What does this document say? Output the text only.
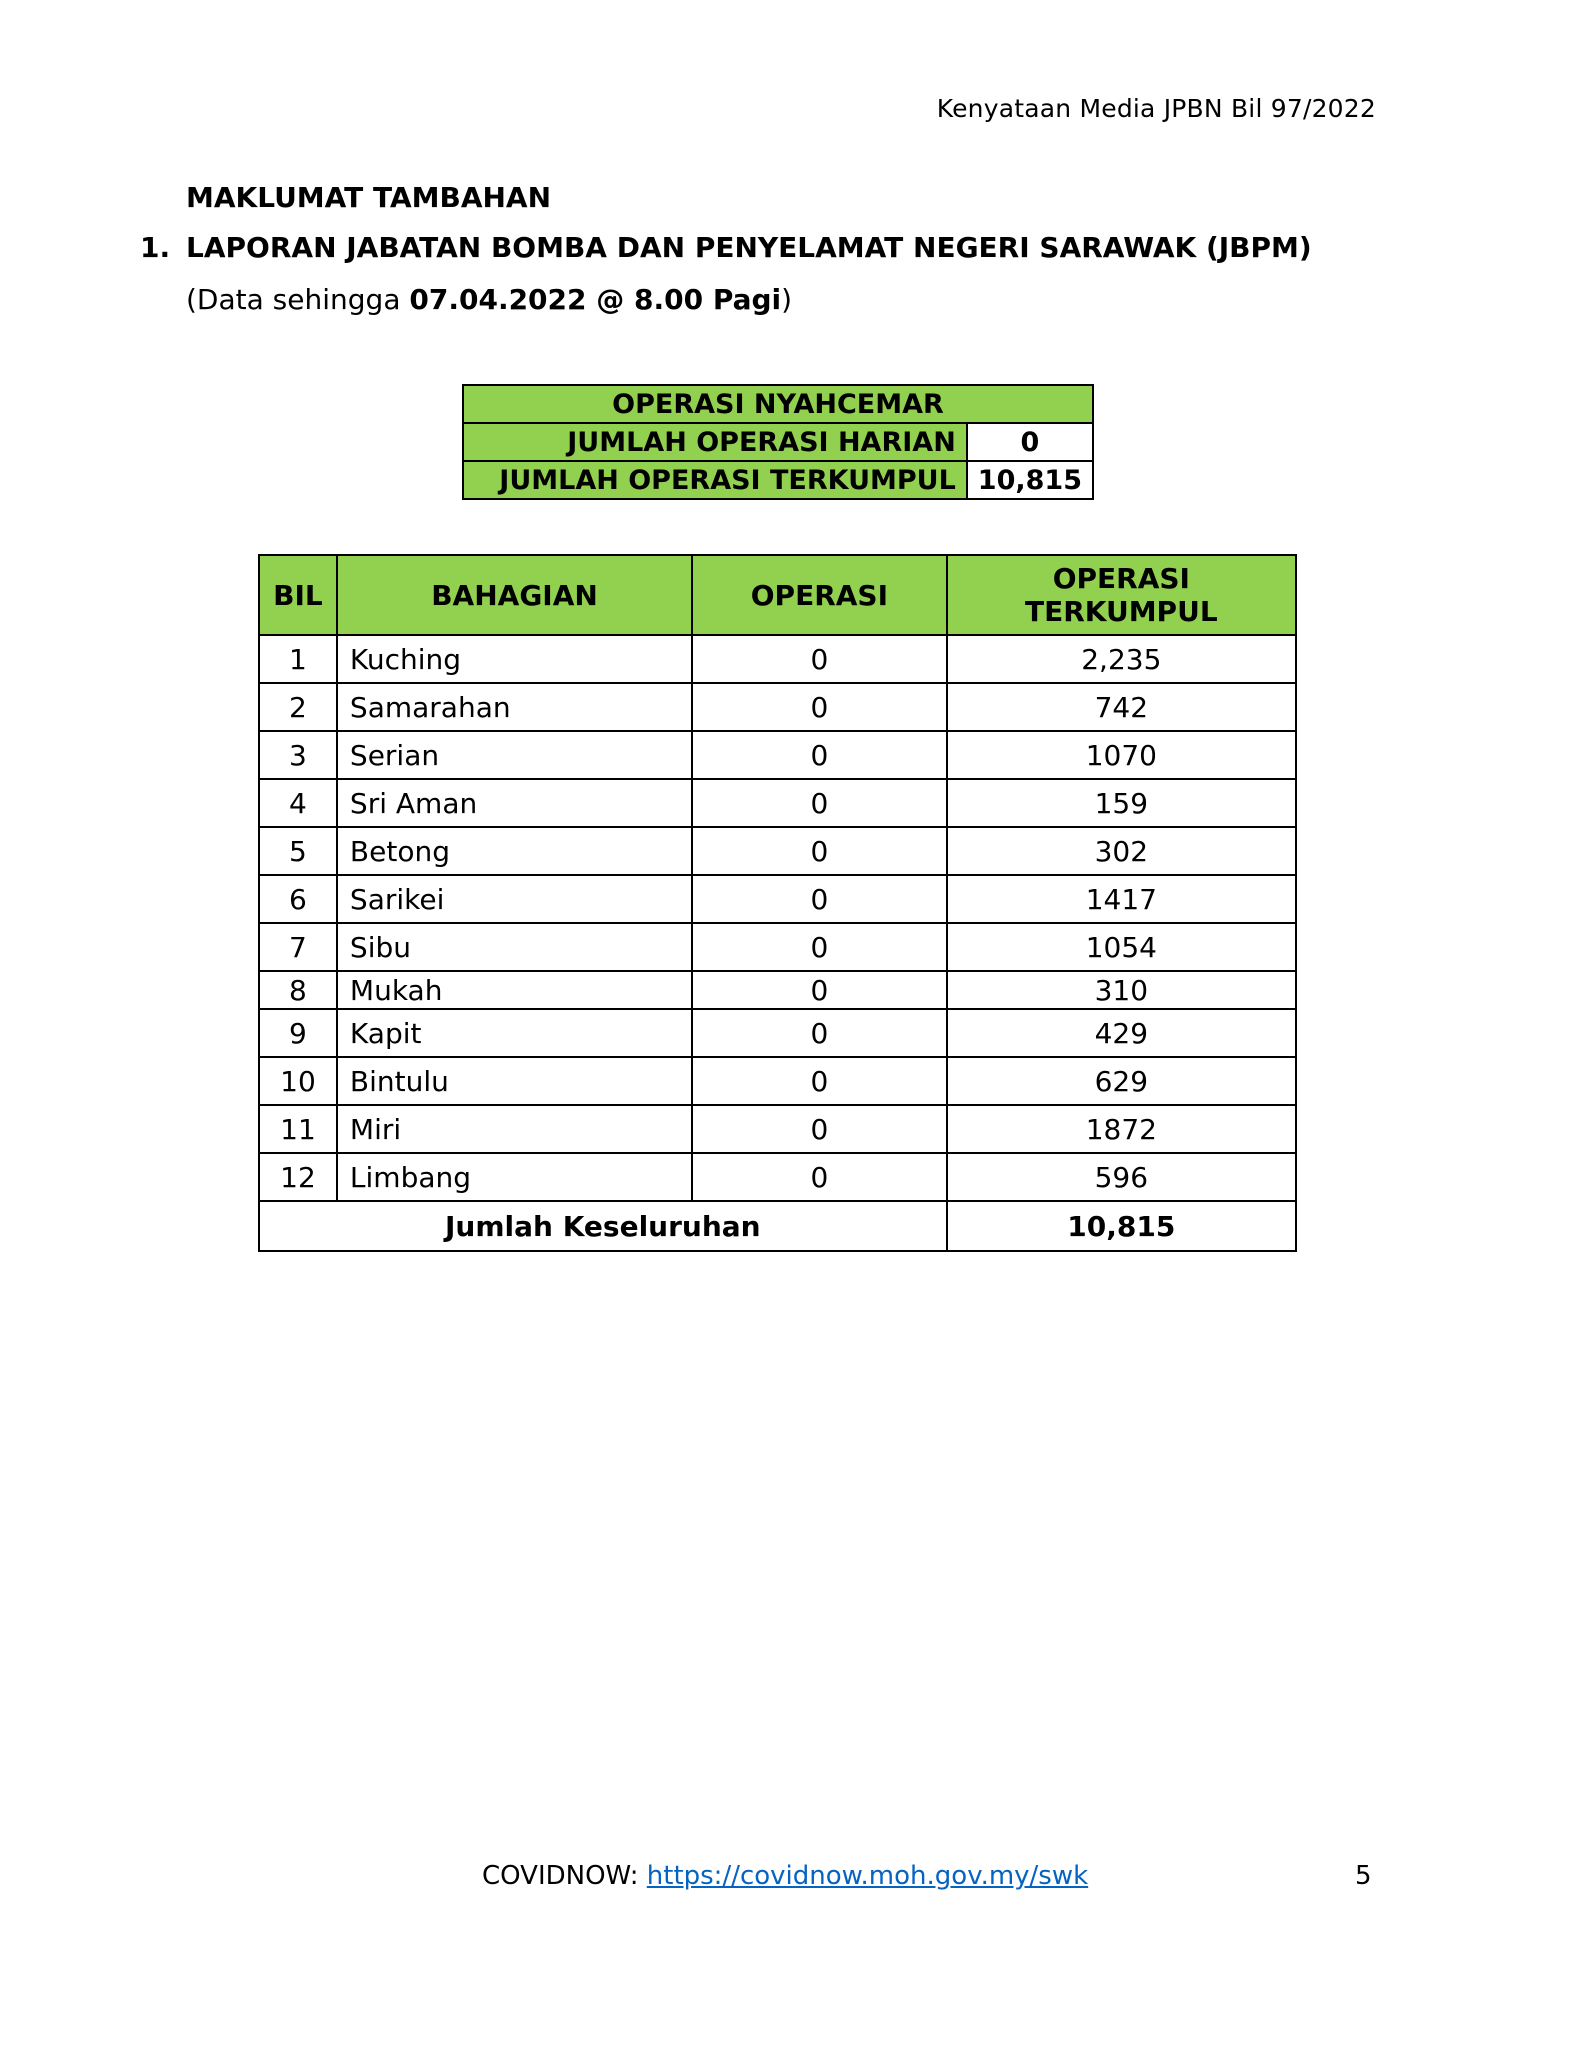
Kenyataan Media JPBN Bil 97/2022
MAKLUMAT TAMBAHAN
1. LAPORAN JABATAN BOMBA DAN PENYELAMAT NEGERI SARAWAK (JBPM)
(Data sehingga 07.04.2022 @ 8.00 Pagi)
OPERASI NYAHCEMAR	
JUMLAH OPERASI HARIAN	0
JUMLAH OPERASI TERKUMPUL	10,815
BIL	BAHAGIAN	OPERASI	OPERASI TERKUMPUL
1	Kuching	0	2,235
2	Samarahan	0	742
3	Serian	0	1070
4	Sri Aman	0	159
5	Betong	0	302
6	Sarikei	0	1417
7	Sibu	0	1054
8	Mukah	0	310
9	Kapit	0	429
10	Bintulu	0	629
11	Miri	0	1872
12	Limbang	0	596
Jumlah Keseluruhan			10,815
COVIDNOW: https://covidnow.moh.gov.my/swk	5
